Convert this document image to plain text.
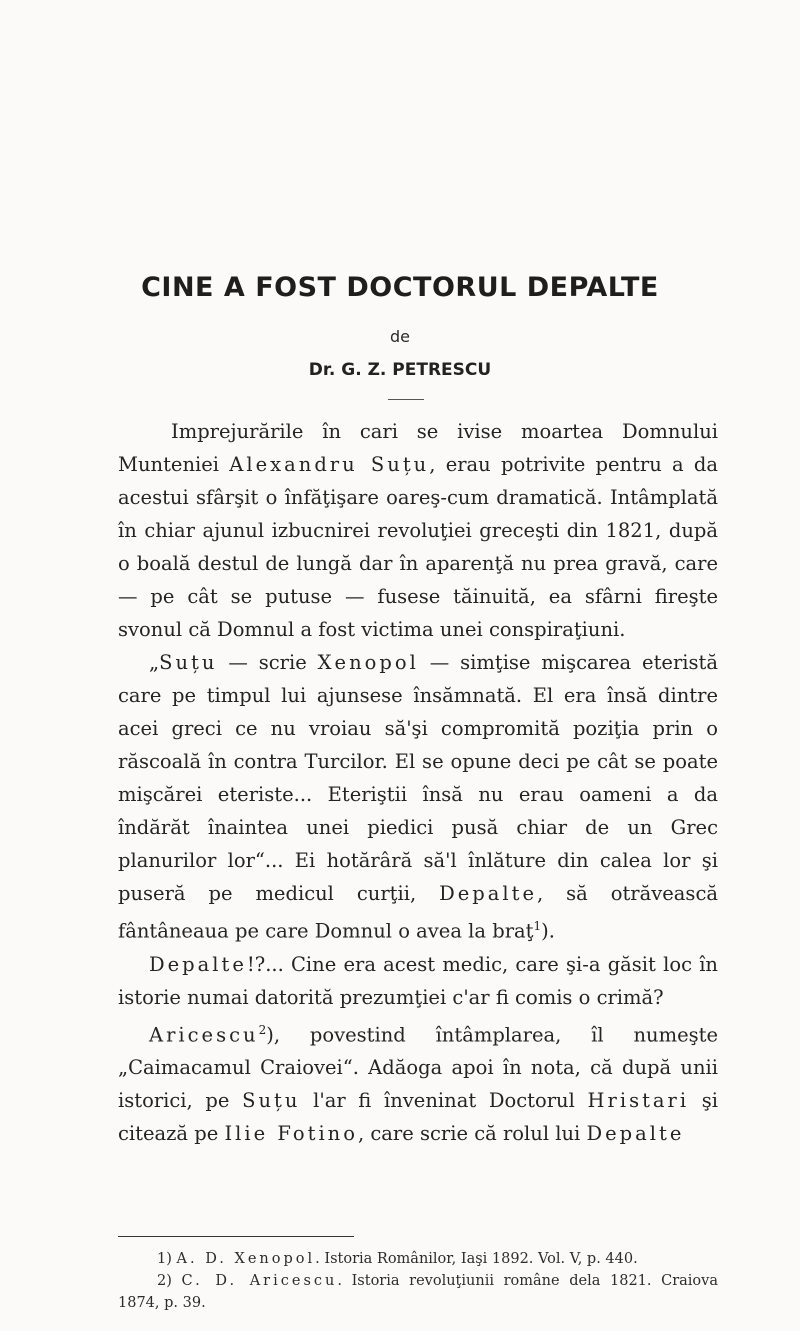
CINE A FOST DOCTORUL DEPALTE
de
Dr. G. Z. PETRESCU

Imprejurările în cari se ivise moartea Domnului Munteniei Alexandru Suțu, erau potrivite pentru a da acestui sfârşit o înfăţişare oareş-cum dramatică. Intâmplată în chiar ajunul izbucnirei revoluţiei greceşti din 1821, după o boală destul de lungă dar în aparenţă nu prea gravă, care — pe cât se putuse — fusese tăinuită, ea sfârni fireşte svonul că Domnul a fost victima unei conspiraţiuni.

„Suțu — scrie Xenopol — simţise mişcarea eteristă care pe timpul lui ajunsese însămnată. El era însă dintre acei greci ce nu vroiau să'şi compromită poziţia prin o răscoală în contra Turcilor. El se opune deci pe cât se poate mişcărei eteriste... Eteriştii însă nu erau oameni a da îndărăt înaintea unei piedici pusă chiar de un Grec planurilor lor“... Ei hotărâră să'l înlăture din calea lor şi puseră pe medicul curţii, Depalte, să otrăvească fântâneaua pe care Domnul o avea la braţ$^1$).

Depalte!?... Cine era acest medic, care şi-a găsit loc în istorie numai datorită prezumţiei c'ar fi comis o crimă?

Aricescu$^2$), povestind întâmplarea, îl numeşte „Caimacamul Craiovei“. Adăoga apoi în nota, că după unii istorici, pe Suțu l'ar fi înveninat Doctorul Hristari şi citează pe Ilie Fotino, care scrie că rolul lui Depalte

1) A. D. Xenopol. Istoria Românilor, Iaşi 1892. Vol. V, p. 440.

2) C. D. Aricescu. Istoria revoluţiunii române dela 1821. Craiova 1874, p. 39.
